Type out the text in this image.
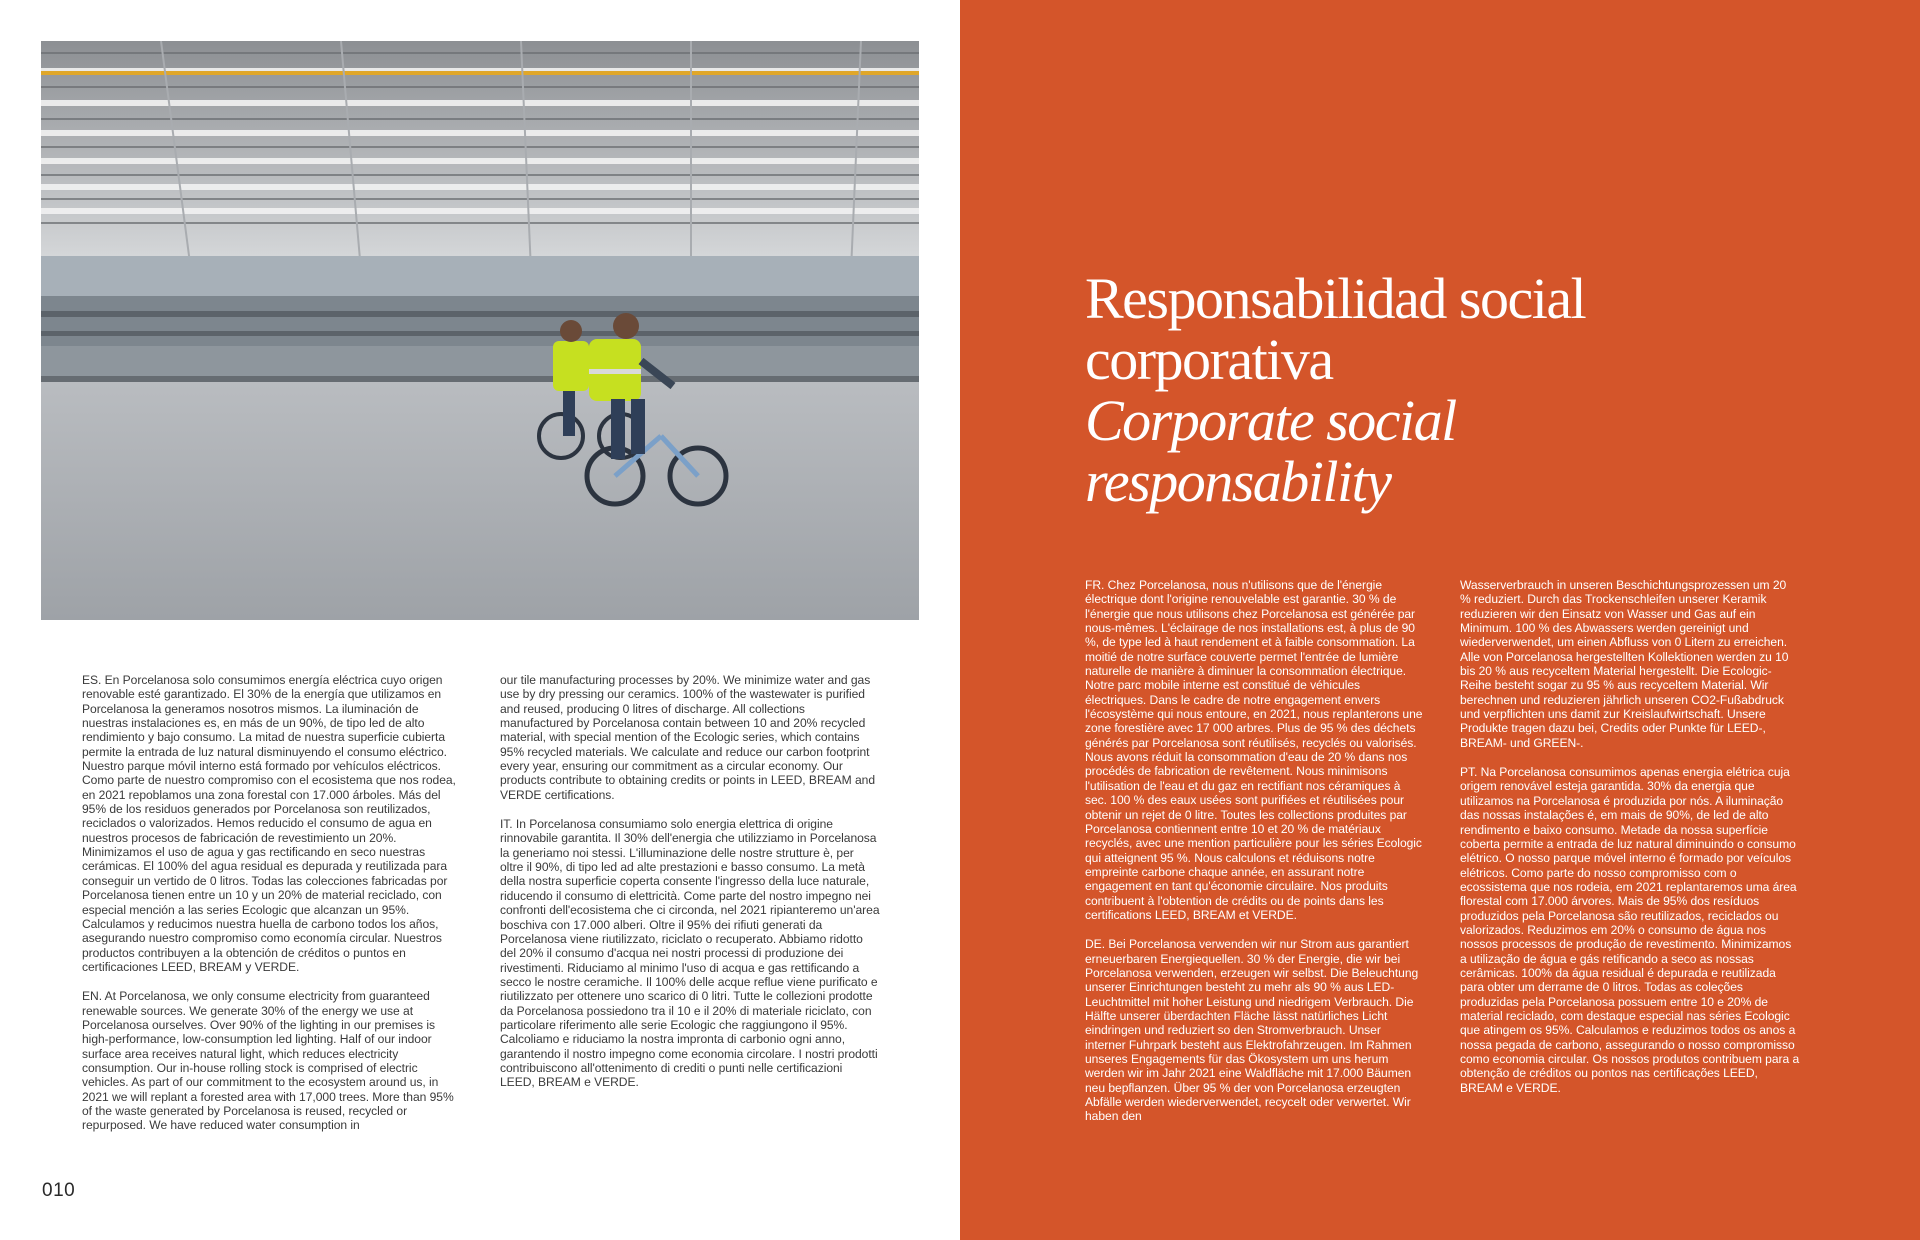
ES. En Porcelanosa solo consumimos energía eléctrica cuyo origen renovable esté garantizado. El 30% de la energía que utilizamos en Porcelanosa la generamos nosotros mismos. La iluminación de nuestras instalaciones es, en más de un 90%, de tipo led de alto rendimiento y bajo consumo. La mitad de nuestra superficie cubierta permite la entrada de luz natural disminuyendo el consumo eléctrico. Nuestro parque móvil interno está formado por vehículos eléctricos. Como parte de nuestro compromiso con el ecosistema que nos rodea, en 2021 repoblamos una zona forestal con 17.000 árboles. Más del 95% de los residuos generados por Porcelanosa son reutilizados, reciclados o valorizados. Hemos reducido el consumo de agua en nuestros procesos de fabricación de revestimiento un 20%. Minimizamos el uso de agua y gas rectificando en seco nuestras cerámicas. El 100% del agua residual es depurada y reutilizada para conseguir un vertido de 0 litros. Todas las colecciones fabricadas por Porcelanosa tienen entre un 10 y un 20% de material reciclado, con especial mención a las series Ecologic que alcanzan un 95%. Calculamos y reducimos nuestra huella de carbono todos los años, asegurando nuestro compromiso como economía circular. Nuestros productos contribuyen a la obtención de créditos o puntos en certificaciones LEED, BREAM y VERDE.

EN. At Porcelanosa, we only consume electricity from guaranteed renewable sources. We generate 30% of the energy we use at Porcelanosa ourselves. Over 90% of the lighting in our premises is high-performance, low-consumption led lighting. Half of our indoor surface area receives natural light, which reduces electricity consumption. Our in-house rolling stock is comprised of electric vehicles. As part of our commitment to the ecosystem around us, in 2021 we will replant a forested area with 17,000 trees. More than 95% of the waste generated by Porcelanosa is reused, recycled or repurposed. We have reduced water consumption in

our tile manufacturing processes by 20%. We minimize water and gas use by dry pressing our ceramics. 100% of the wastewater is purified and reused, producing 0 litres of discharge. All collections manufactured by Porcelanosa contain between 10 and 20% recycled material, with special mention of the Ecologic series, which contains 95% recycled materials. We calculate and reduce our carbon footprint every year, ensuring our commitment as a circular economy. Our products contribute to obtaining credits or points in LEED, BREAM and VERDE certifications.

IT. In Porcelanosa consumiamo solo energia elettrica di origine rinnovabile garantita. Il 30% dell'energia che utilizziamo in Porcelanosa la generiamo noi stessi. L'illuminazione delle nostre strutture è, per oltre il 90%, di tipo led ad alte prestazioni e basso consumo. La metà della nostra superficie coperta consente l'ingresso della luce naturale, riducendo il consumo di elettricità. Come parte del nostro impegno nei confronti dell'ecosistema che ci circonda, nel 2021 ripianteremo un'area boschiva con 17.000 alberi. Oltre il 95% dei rifiuti generati da Porcelanosa viene riutilizzato, riciclato o recuperato. Abbiamo ridotto del 20% il consumo d'acqua nei nostri processi di produzione dei rivestimenti. Riduciamo al minimo l'uso di acqua e gas rettificando a secco le nostre ceramiche. Il 100% delle acque reflue viene purificato e riutilizzato per ottenere uno scarico di 0 litri. Tutte le collezioni prodotte da Porcelanosa possiedono tra il 10 e il 20% di materiale riciclato, con particolare riferimento alle serie Ecologic che raggiungono il 95%. Calcoliamo e riduciamo la nostra impronta di carbonio ogni anno, garantendo il nostro impegno come economia circolare. I nostri prodotti contribuiscono all'ottenimento di crediti o punti nelle certificazioni LEED, BREAM e VERDE.

010
Responsabilidad social corporativa
Corporate social responsability

FR. Chez Porcelanosa, nous n'utilisons que de l'énergie électrique dont l'origine renouvelable est garantie. 30 % de l'énergie que nous utilisons chez Porcelanosa est générée par nous-mêmes. L'éclairage de nos installations est, à plus de 90 %, de type led à haut rendement et à faible consommation. La moitié de notre surface couverte permet l'entrée de lumière naturelle de manière à diminuer la consommation électrique. Notre parc mobile interne est constitué de véhicules électriques. Dans le cadre de notre engagement envers l'écosystème qui nous entoure, en 2021, nous replanterons une zone forestière avec 17 000 arbres. Plus de 95 % des déchets générés par Porcelanosa sont réutilisés, recyclés ou valorisés. Nous avons réduit la consommation d'eau de 20 % dans nos procédés de fabrication de revêtement. Nous minimisons l'utilisation de l'eau et du gaz en rectifiant nos céramiques à sec. 100 % des eaux usées sont purifiées et réutilisées pour obtenir un rejet de 0 litre. Toutes les collections produites par Porcelanosa contiennent entre 10 et 20 % de matériaux recyclés, avec une mention particulière pour les séries Ecologic qui atteignent 95 %. Nous calculons et réduisons notre empreinte carbone chaque année, en assurant notre engagement en tant qu'économie circulaire. Nos produits contribuent à l'obtention de crédits ou de points dans les certifications LEED, BREAM et VERDE.

DE. Bei Porcelanosa verwenden wir nur Strom aus garantiert erneuerbaren Energiequellen. 30 % der Energie, die wir bei Porcelanosa verwenden, erzeugen wir selbst. Die Beleuchtung unserer Einrichtungen besteht zu mehr als 90 % aus LED-Leuchtmittel mit hoher Leistung und niedrigem Verbrauch. Die Hälfte unserer überdachten Fläche lässt natürliches Licht eindringen und reduziert so den Stromverbrauch. Unser interner Fuhrpark besteht aus Elektrofahrzeugen. Im Rahmen unseres Engagements für das Ökosystem um uns herum werden wir im Jahr 2021 eine Waldfläche mit 17.000 Bäumen neu bepflanzen. Über 95 % der von Porcelanosa erzeugten Abfälle werden wiederverwendet, recycelt oder verwertet. Wir haben den

Wasserverbrauch in unseren Beschichtungsprozessen um 20 % reduziert. Durch das Trockenschleifen unserer Keramik reduzieren wir den Einsatz von Wasser und Gas auf ein Minimum. 100 % des Abwassers werden gereinigt und wiederverwendet, um einen Abfluss von 0 Litern zu erreichen. Alle von Porcelanosa hergestellten Kollektionen werden zu 10 bis 20 % aus recyceltem Material hergestellt. Die Ecologic-Reihe besteht sogar zu 95 % aus recyceltem Material. Wir berechnen und reduzieren jährlich unseren CO2-Fußabdruck und verpflichten uns damit zur Kreislaufwirtschaft. Unsere Produkte tragen dazu bei, Credits oder Punkte für LEED-, BREAM- und GREEN-.

PT. Na Porcelanosa consumimos apenas energia elétrica cuja origem renovável esteja garantida. 30% da energia que utilizamos na Porcelanosa é produzida por nós. A iluminação das nossas instalações é, em mais de 90%, de led de alto rendimento e baixo consumo. Metade da nossa superfície coberta permite a entrada de luz natural diminuindo o consumo elétrico. O nosso parque móvel interno é formado por veículos elétricos. Como parte do nosso compromisso com o ecossistema que nos rodeia, em 2021 replantaremos uma área florestal com 17.000 árvores. Mais de 95% dos resíduos produzidos pela Porcelanosa são reutilizados, reciclados ou valorizados. Reduzimos em 20% o consumo de água nos nossos processos de produção de revestimento. Minimizamos a utilização de água e gás retificando a seco as nossas cerâmicas. 100% da água residual é depurada e reutilizada para obter um derrame de 0 litros. Todas as coleções produzidas pela Porcelanosa possuem entre 10 e 20% de material reciclado, com destaque especial nas séries Ecologic que atingem os 95%. Calculamos e reduzimos todos os anos a nossa pegada de carbono, assegurando o nosso compromisso como economia circular. Os nossos produtos contribuem para a obtenção de créditos ou pontos nas certificações LEED, BREAM e VERDE.
